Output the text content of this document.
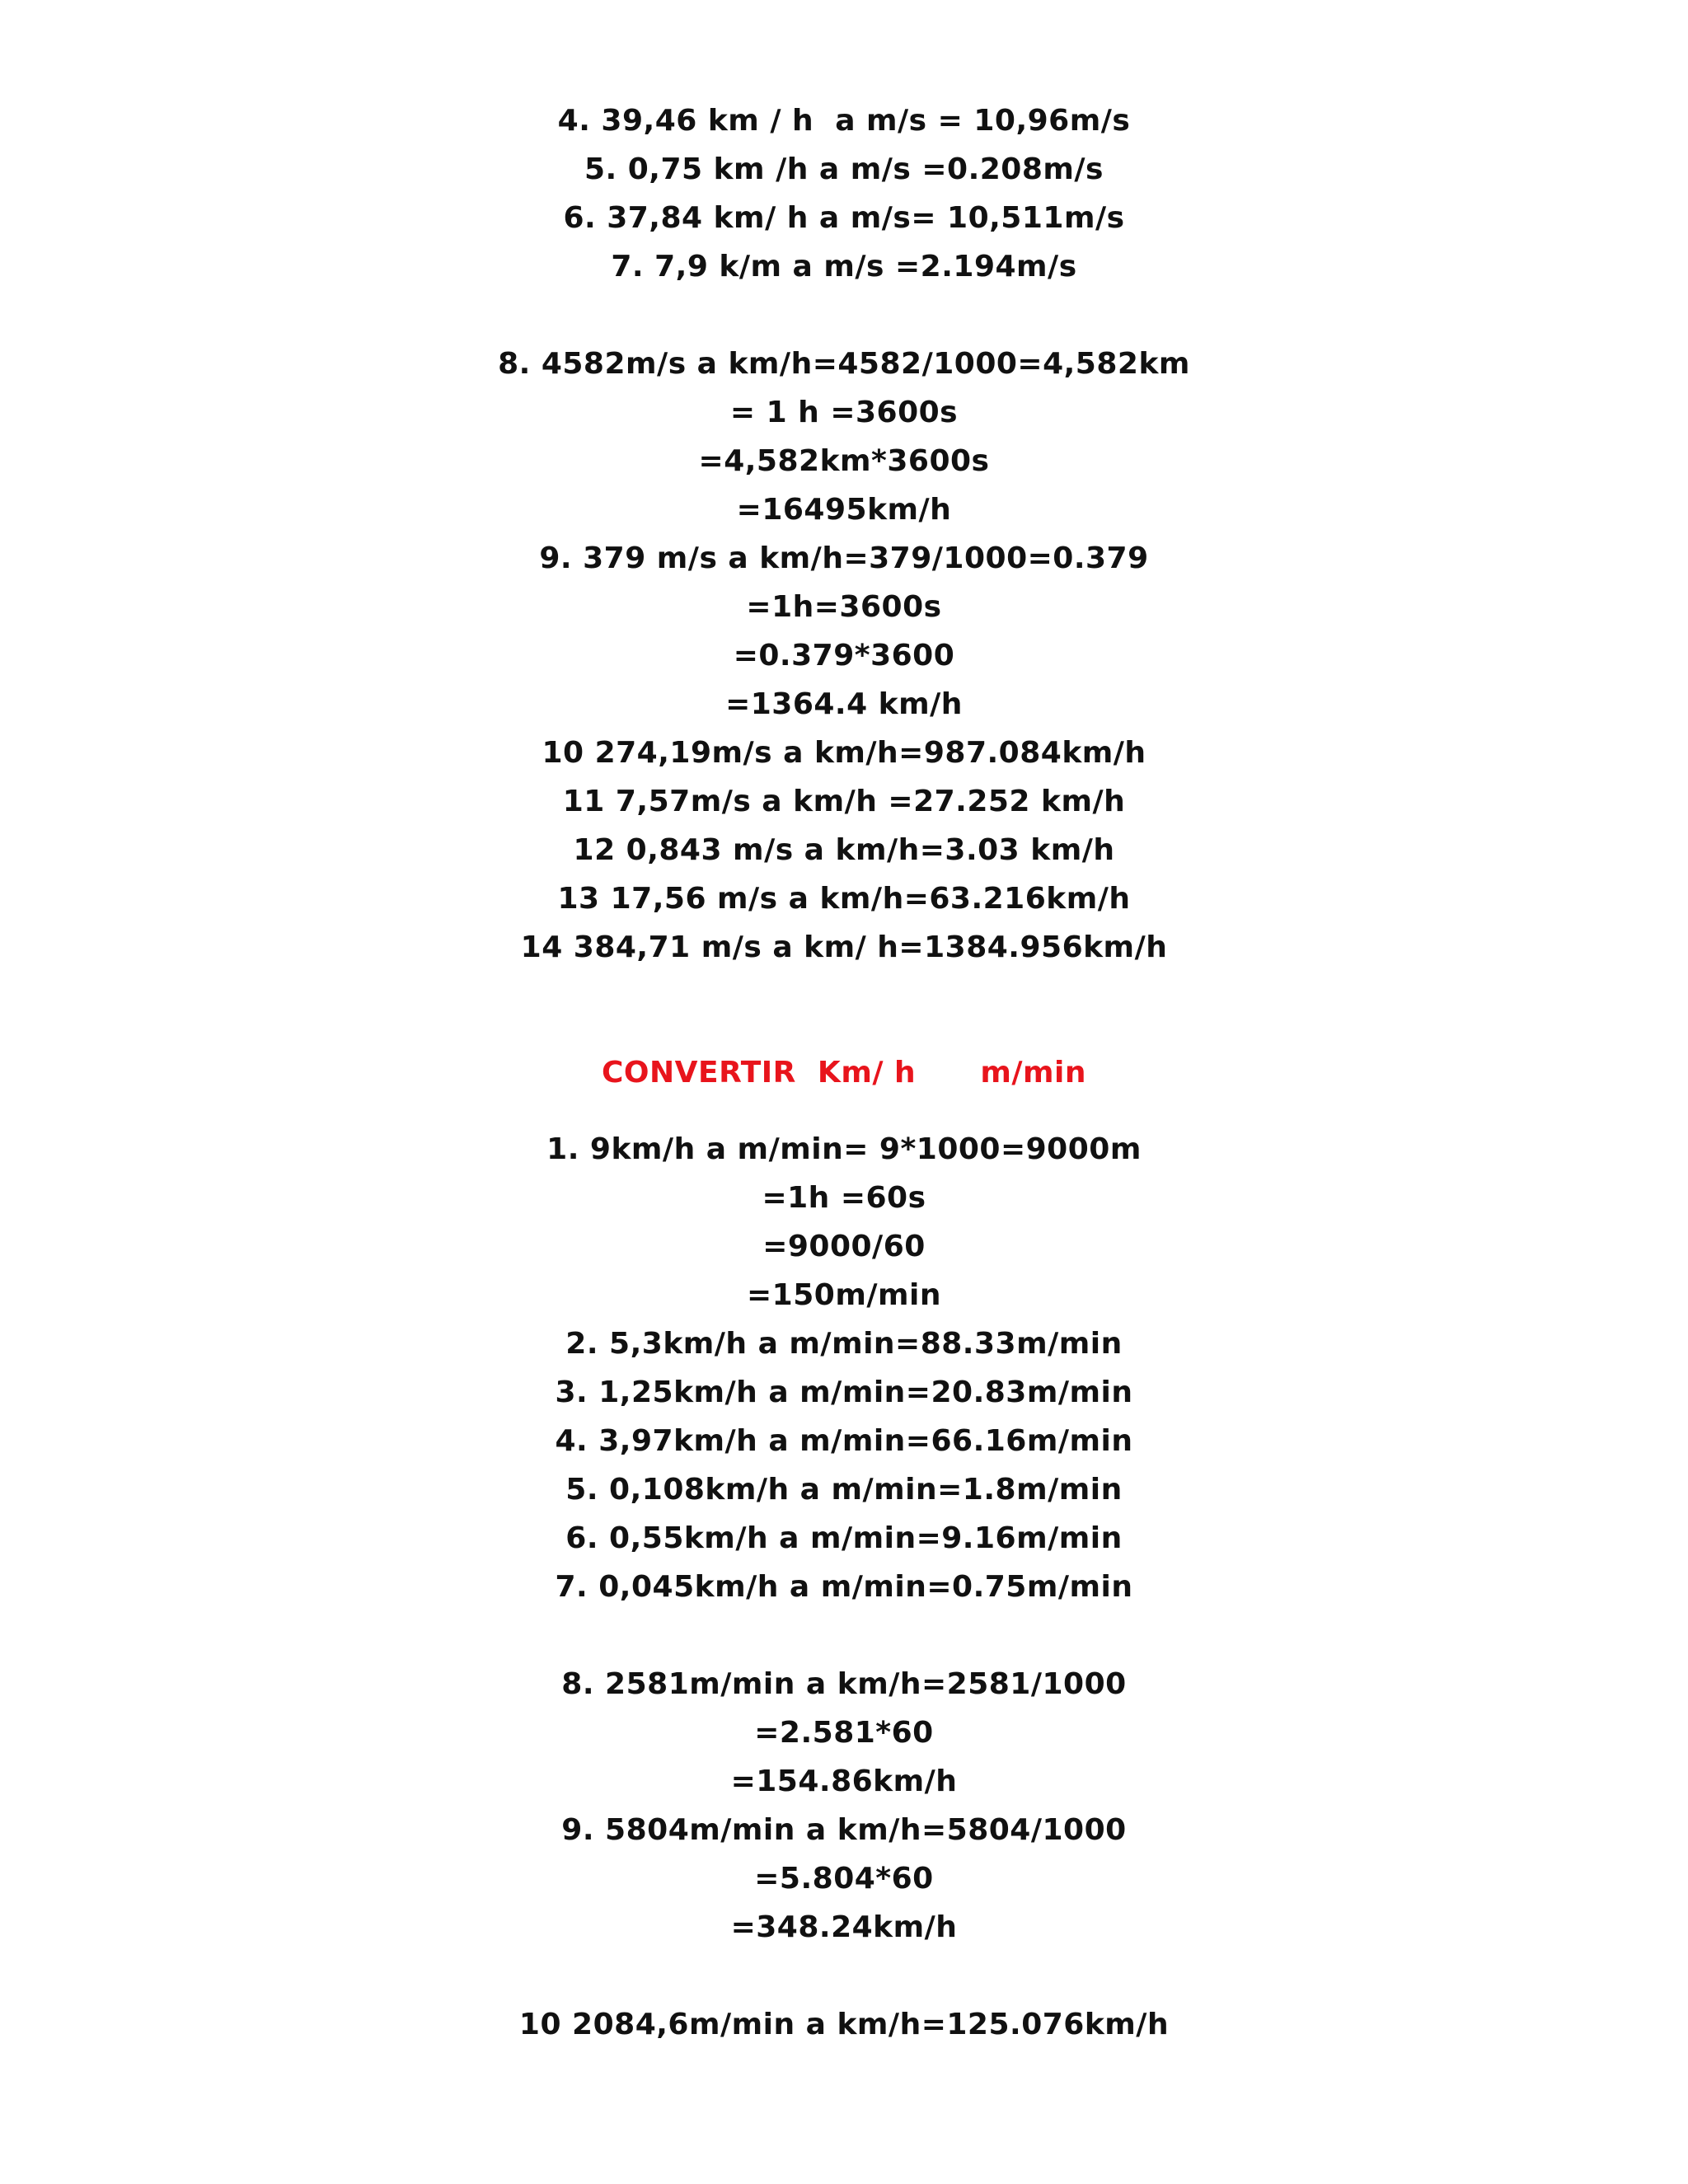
4. 39,46 km / h  a m/s = 10,96m/s
5. 0,75 km /h a m/s =0.208m/s
6. 37,84 km/ h a m/s= 10,511m/s
7. 7,9 k/m a m/s =2.194m/s
8. 4582m/s a km/h=4582/1000=4,582km
= 1 h =3600s
=4,582km*3600s
=16495km/h
9. 379 m/s a km/h=379/1000=0.379
=1h=3600s
=0.379*3600
=1364.4 km/h
10 274,19m/s a km/h=987.084km/h
11 7,57m/s a km/h =27.252 km/h
12 0,843 m/s a km/h=3.03 km/h
13 17,56 m/s a km/h=63.216km/h
14 384,71 m/s a km/ h=1384.956km/h
CONVERTIR  Km/ h      m/min
1. 9km/h a m/min= 9*1000=9000m
=1h =60s
=9000/60
=150m/min
2. 5,3km/h a m/min=88.33m/min
3. 1,25km/h a m/min=20.83m/min
4. 3,97km/h a m/min=66.16m/min
5. 0,108km/h a m/min=1.8m/min
6. 0,55km/h a m/min=9.16m/min
7. 0,045km/h a m/min=0.75m/min
8. 2581m/min a km/h=2581/1000
=2.581*60
=154.86km/h
9. 5804m/min a km/h=5804/1000
=5.804*60
=348.24km/h
10 2084,6m/min a km/h=125.076km/h
